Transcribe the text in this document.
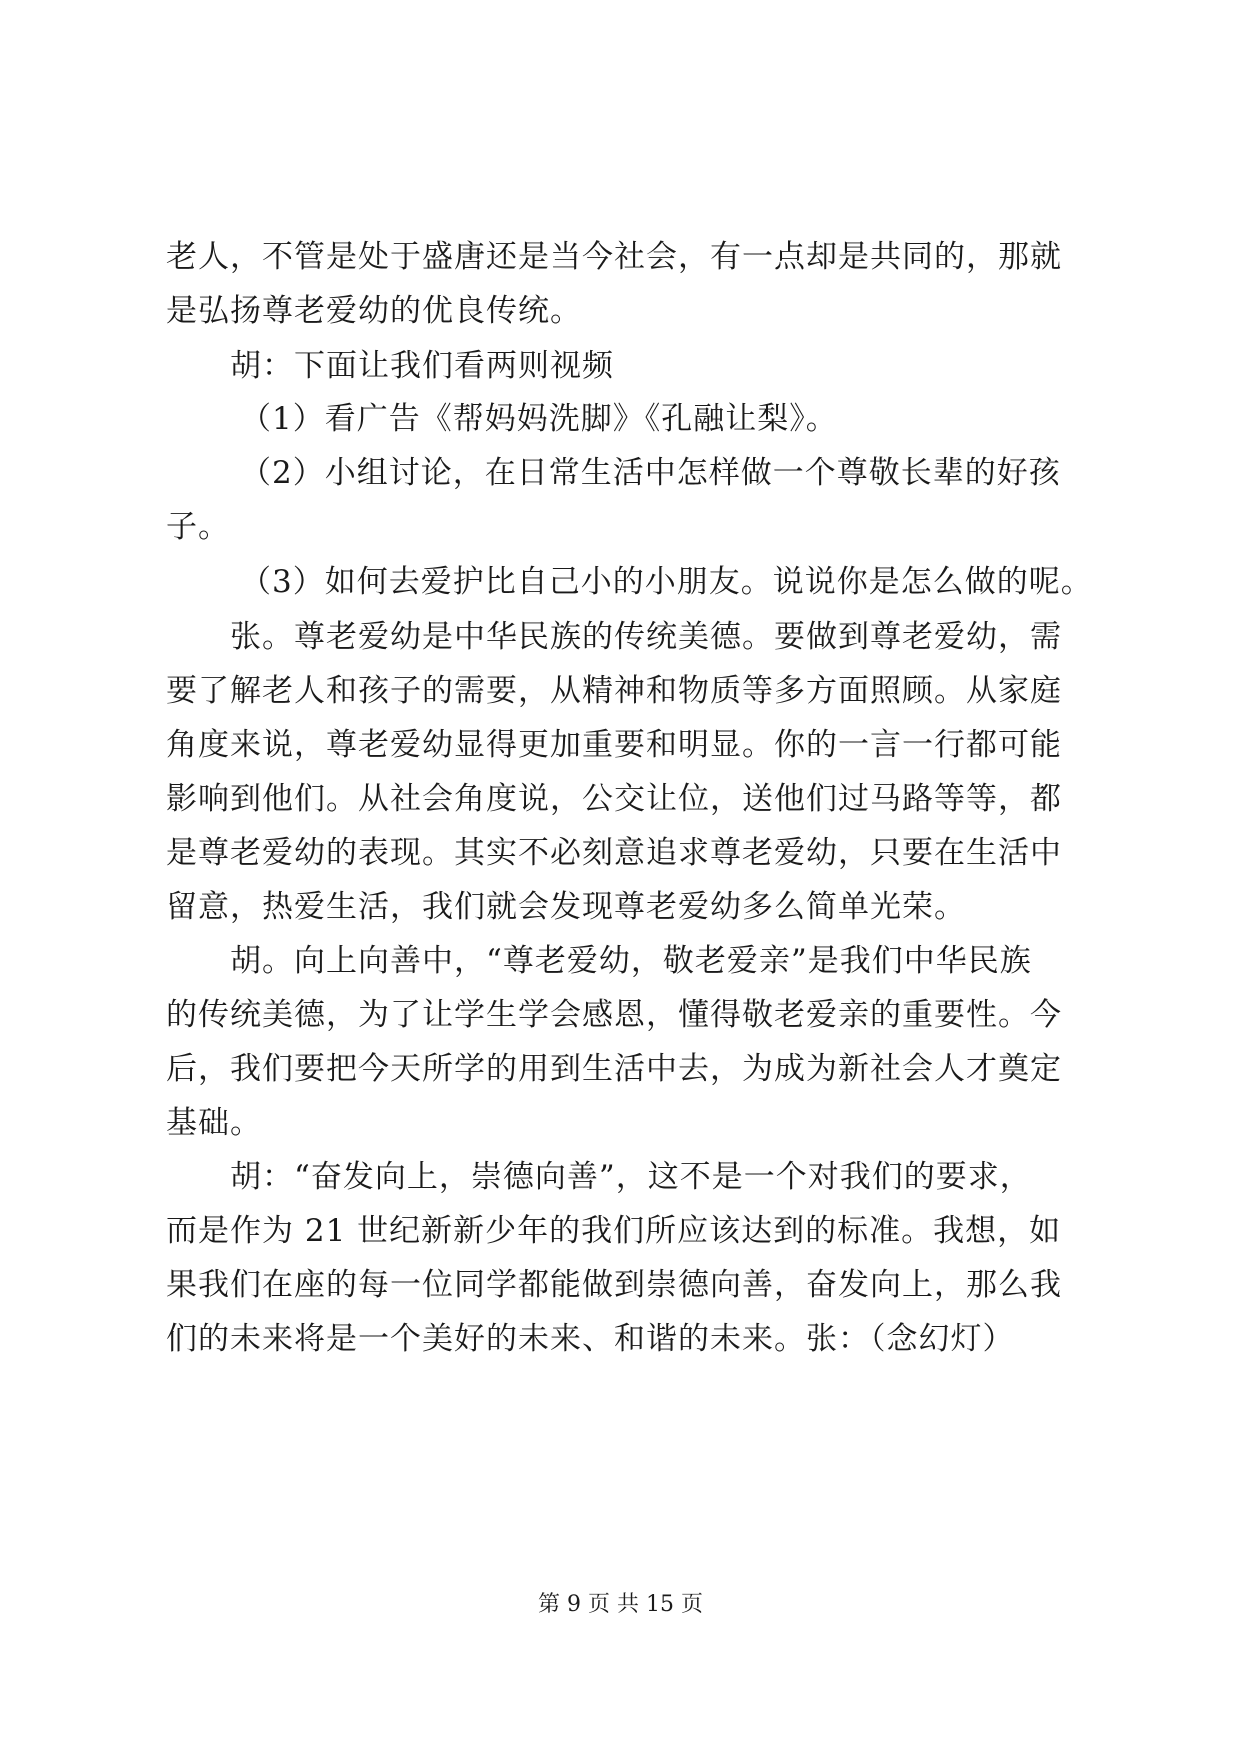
老人，不管是处于盛唐还是当今社会，有一点却是共同的，那就
是弘扬尊老爱幼的优良传统。
胡：下面让我们看两则视频
（1）看广告《帮妈妈洗脚》《孔融让梨》。
（2）小组讨论，在日常生活中怎样做一个尊敬长辈的好孩
子。
（3）如何去爱护比自己小的小朋友。说说你是怎么做的呢。
张。尊老爱幼是中华民族的传统美德。要做到尊老爱幼，需
要了解老人和孩子的需要，从精神和物质等多方面照顾。从家庭
角度来说，尊老爱幼显得更加重要和明显。你的一言一行都可能
影响到他们。从社会角度说，公交让位，送他们过马路等等，都
是尊老爱幼的表现。其实不必刻意追求尊老爱幼，只要在生活中
留意，热爱生活，我们就会发现尊老爱幼多么简单光荣。
胡。向上向善中，“尊老爱幼，敬老爱亲”是我们中华民族
的传统美德，为了让学生学会感恩，懂得敬老爱亲的重要性。今
后，我们要把今天所学的用到生活中去，为成为新社会人才奠定
基础。
胡：“奋发向上，崇德向善”，这不是一个对我们的要求，
而是作为 21 世纪新新少年的我们所应该达到的标准。我想，如
果我们在座的每一位同学都能做到崇德向善，奋发向上，那么我
们的未来将是一个美好的未来、和谐的未来。张：（念幻灯）
第 9 页 共 15 页
